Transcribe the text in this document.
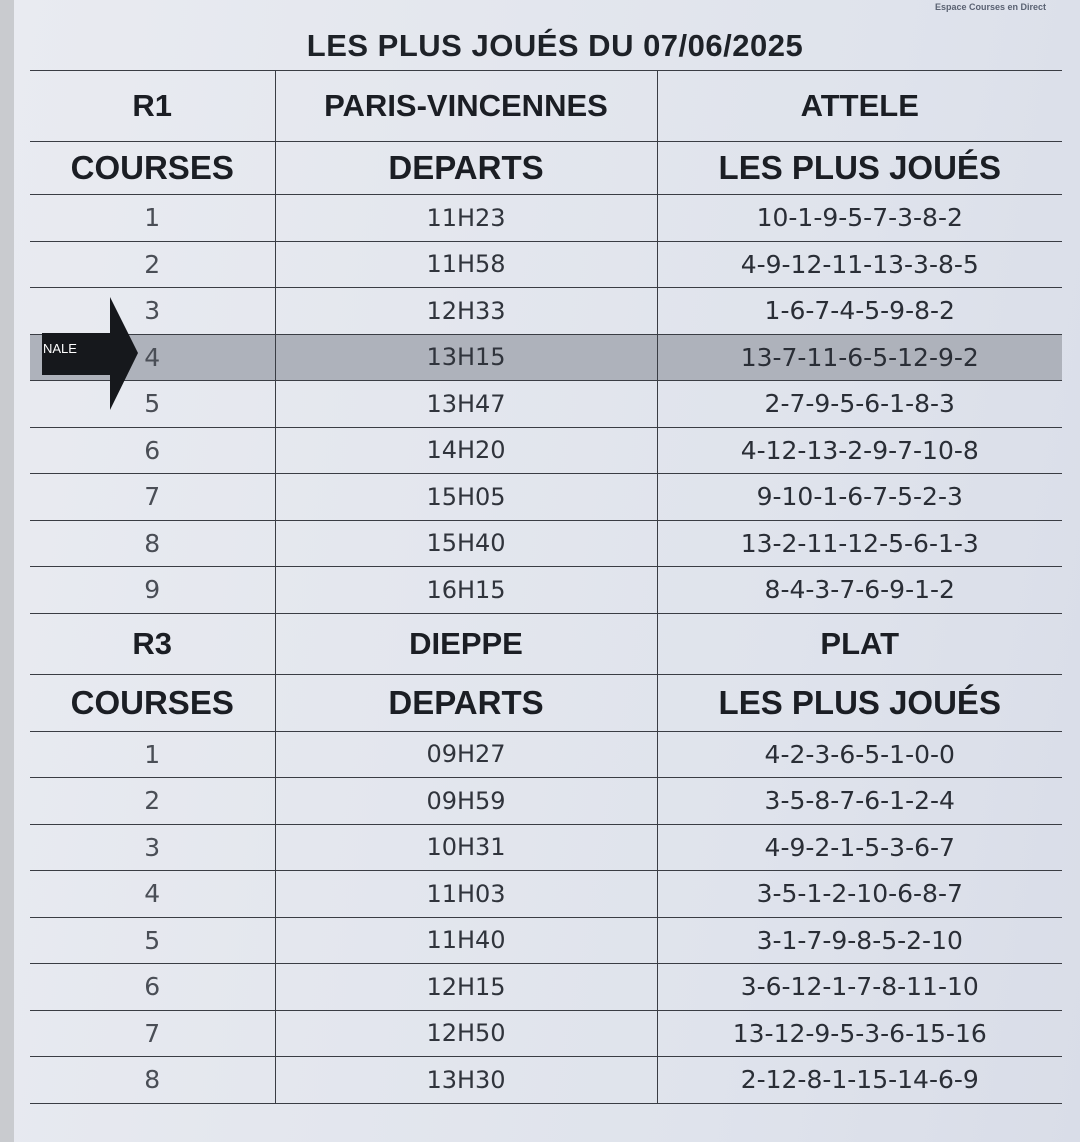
Espace Courses en Direct
LES PLUS JOUÉS DU 07/06/2025
R1	PARIS-VINCENNES	ATTELE
COURSES	DEPARTS	LES PLUS JOUÉS
1	11H23	10-1-9-5-7-3-8-2
2	11H58	4-9-12-11-13-3-8-5
3	12H33	1-6-7-4-5-9-8-2
4	13H15	13-7-11-6-5-12-9-2
5	13H47	2-7-9-5-6-1-8-3
6	14H20	4-12-13-2-9-7-10-8
7	15H05	9-10-1-6-7-5-2-3
8	15H40	13-2-11-12-5-6-1-3
9	16H15	8-4-3-7-6-9-1-2
R3	DIEPPE	PLAT
COURSES	DEPARTS	LES PLUS JOUÉS
1	09H27	4-2-3-6-5-1-0-0
2	09H59	3-5-8-7-6-1-2-4
3	10H31	4-9-2-1-5-3-6-7
4	11H03	3-5-1-2-10-6-8-7
5	11H40	3-1-7-9-8-5-2-10
6	12H15	3-6-12-1-7-8-11-10
7	12H50	13-12-9-5-3-6-15-16
8	13H30	2-12-8-1-15-14-6-9
NALE
